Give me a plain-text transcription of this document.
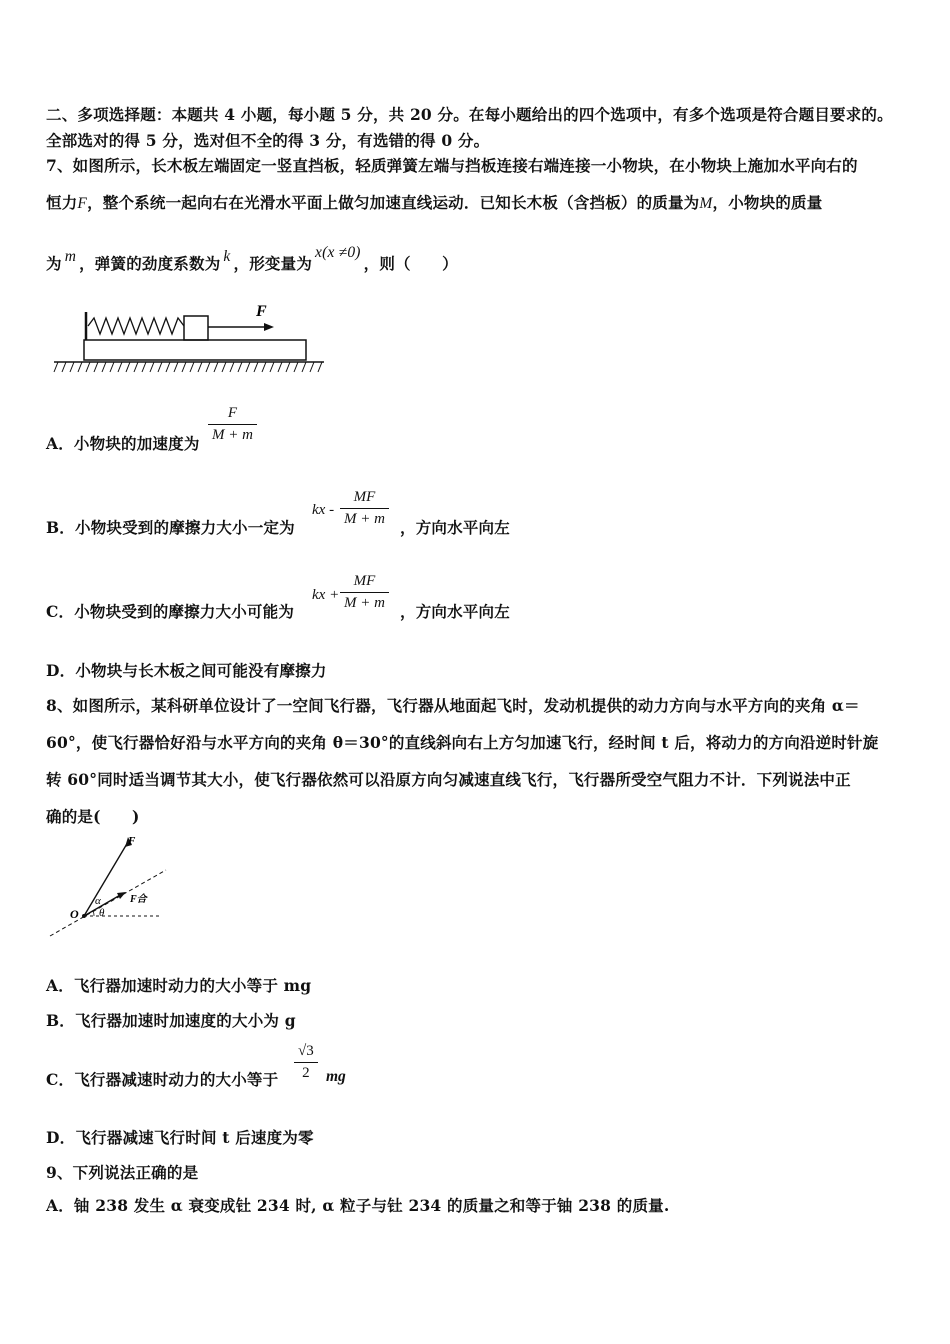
二、多项选择题：本题共 4 小题，每小题 5 分，共 20 分。在每小题给出的四个选项中，有多个选项是符合题目要求的。
全部选对的得 5 分，选对但不全的得 3 分，有选错的得 0 分。
7、如图所示，长木板左端固定一竖直挡板，轻质弹簧左端与挡板连接右端连接一小物块，在小物块上施加水平向右的
恒力F，整个系统一起向右在光滑水平面上做匀加速直线运动．已知长木板（含挡板）的质量为M，小物块的质量
为 m ，弹簧的劲度系数为 k ，形变量为x(x ≠0)，则（　　）
F
A．小物块的加速度为
F
M + m
B．小物块受到的摩擦力大小一定为
kx -
MF
M + m ，方向水平向左
C．小物块受到的摩擦力大小可能为
kx +
MF
M + m ，方向水平向左
D．小物块与长木板之间可能没有摩擦力
8、如图所示，某科研单位设计了一空间飞行器，飞行器从地面起飞时，发动机提供的动力方向与水平方向的夹角 α＝
60°，使飞行器恰好沿与水平方向的夹角 θ＝30°的直线斜向右上方匀加速飞行，经时间 t 后，将动力的方向沿逆时针旋
转 60°同时适当调节其大小，使飞行器依然可以沿原方向匀减速直线飞行，飞行器所受空气阻力不计．下列说法中正
确的是(　　)
F
α
θ
O
F合
A．飞行器加速时动力的大小等于 mg
B．飞行器加速时加速度的大小为 g
C．飞行器减速时动力的大小等于
√3
2	mg
D．飞行器减速飞行时间 t 后速度为零
9、下列说法正确的是
A．铀 238 发生 α 衰变成钍 234 时, α 粒子与钍 234 的质量之和等于铀 238 的质量.
